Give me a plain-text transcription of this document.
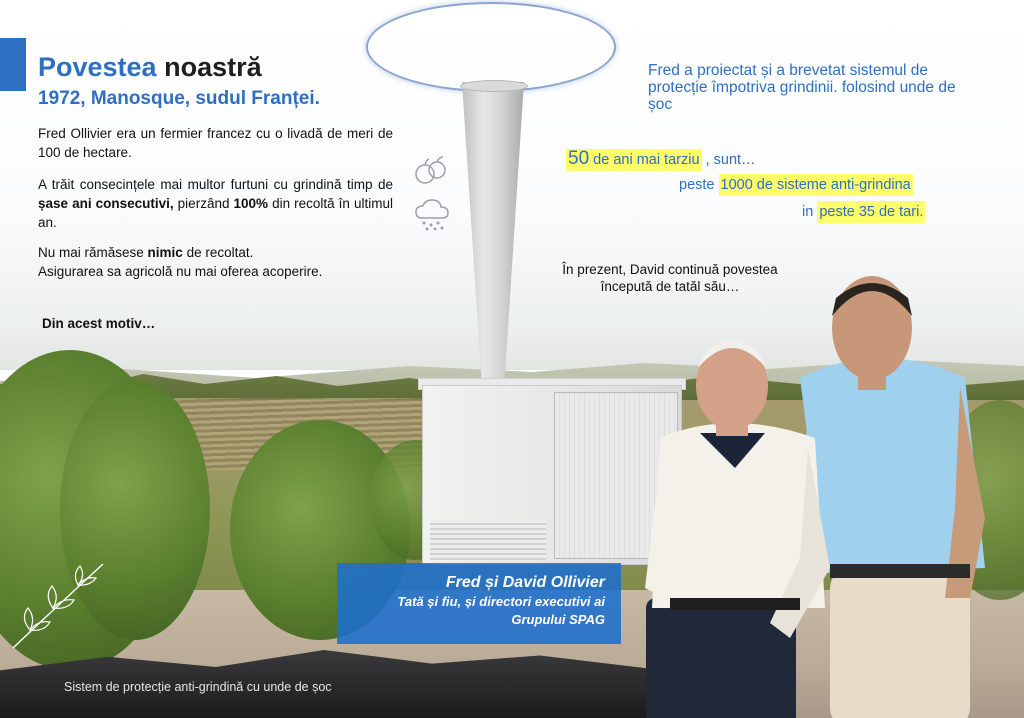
Povestea noastră
1972, Manosque, sudul Franței.
Fred Ollivier era un fermier francez cu o livadă de meri de 100 de hectare.
A trăit consecințele mai multor furtuni cu grindină timp de șase ani consecutivi, pierzând 100% din recoltă în ultimul an.
Nu mai rămăsese nimic de recoltat.
Asigurarea sa agricolă nu mai oferea acoperire.
Din acest motiv…
Fred a proiectat și a brevetat sistemul de protecție împotriva grindinii. folosind unde de șoc
50 de ani mai tarziu , sunt…
peste 1000 de sisteme anti-grindina
in peste 35 de tari.
În prezent, David continuă povestea începută de tatăl său…
Fred și David Ollivier
Tată și fiu, și directori executivi ai
Grupului SPAG
Sistem de protecție anti-grindină cu unde de șoc
